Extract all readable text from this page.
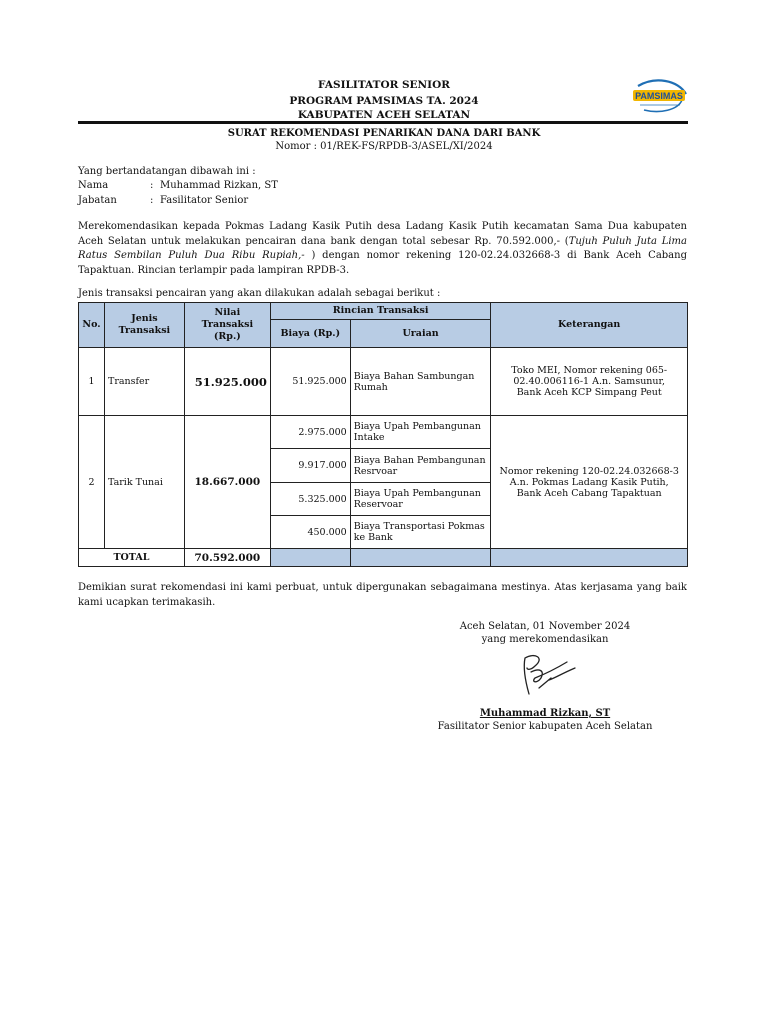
FASILITATOR SENIOR
PROGRAM PAMSIMAS TA. 2024
KABUPATEN ACEH SELATAN
PAMSIMAS
SURAT REKOMENDASI PENARIKAN DANA DARI BANK
Nomor : 01/REK-FS/RPDB-3/ASEL/XI/2024
Yang bertandatangan dibawah ini :
Nama	: Muhammad Rizkan, ST
Jabatan	: Fasilitator Senior
Merekomendasikan kepada Pokmas Ladang Kasik Putih desa Ladang Kasik Putih kecamatan Sama Dua kabupaten Aceh Selatan untuk melakukan pencairan dana bank dengan total sebesar Rp. 70.592.000,- (Tujuh Puluh Juta Lima Ratus Sembilan Puluh Dua Ribu Rupiah,- ) dengan nomor rekening 120-02.24.032668-3 di Bank Aceh Cabang Tapaktuan. Rincian terlampir pada lampiran RPDB-3.
Jenis transaksi pencairan yang akan dilakukan adalah sebagai berikut :
No.	Jenis Transaksi	Nilai Transaksi (Rp.)	Rincian Transaksi		Keterangan
			Biaya (Rp.)	Uraian	
1	Transfer	51.925.000	51.925.000	Biaya Bahan Sambungan Rumah	Toko MEI, Nomor rekening 065-02.40.006116-1 A.n. Samsunur, Bank Aceh KCP Simpang Peut
2	Tarik Tunai	18.667.000	2.975.000	Biaya Upah Pembangunan Intake	Nomor rekening 120-02.24.032668-3 A.n. Pokmas Ladang Kasik Putih, Bank Aceh Cabang Tapaktuan
			9.917.000	Biaya Bahan Pembangunan Resrvoar	
			5.325.000	Biaya Upah Pembangunan Reservoar	
			450.000	Biaya Transportasi Pokmas ke Bank	
TOTAL		70.592.000			
Demikian surat rekomendasi ini kami perbuat, untuk dipergunakan sebagaimana mestinya. Atas kerjasama yang baik kami ucapkan terimakasih.
Aceh Selatan, 01 November 2024
yang merekomendasikan
Muhammad Rizkan, ST
Fasilitator Senior kabupaten Aceh Selatan
